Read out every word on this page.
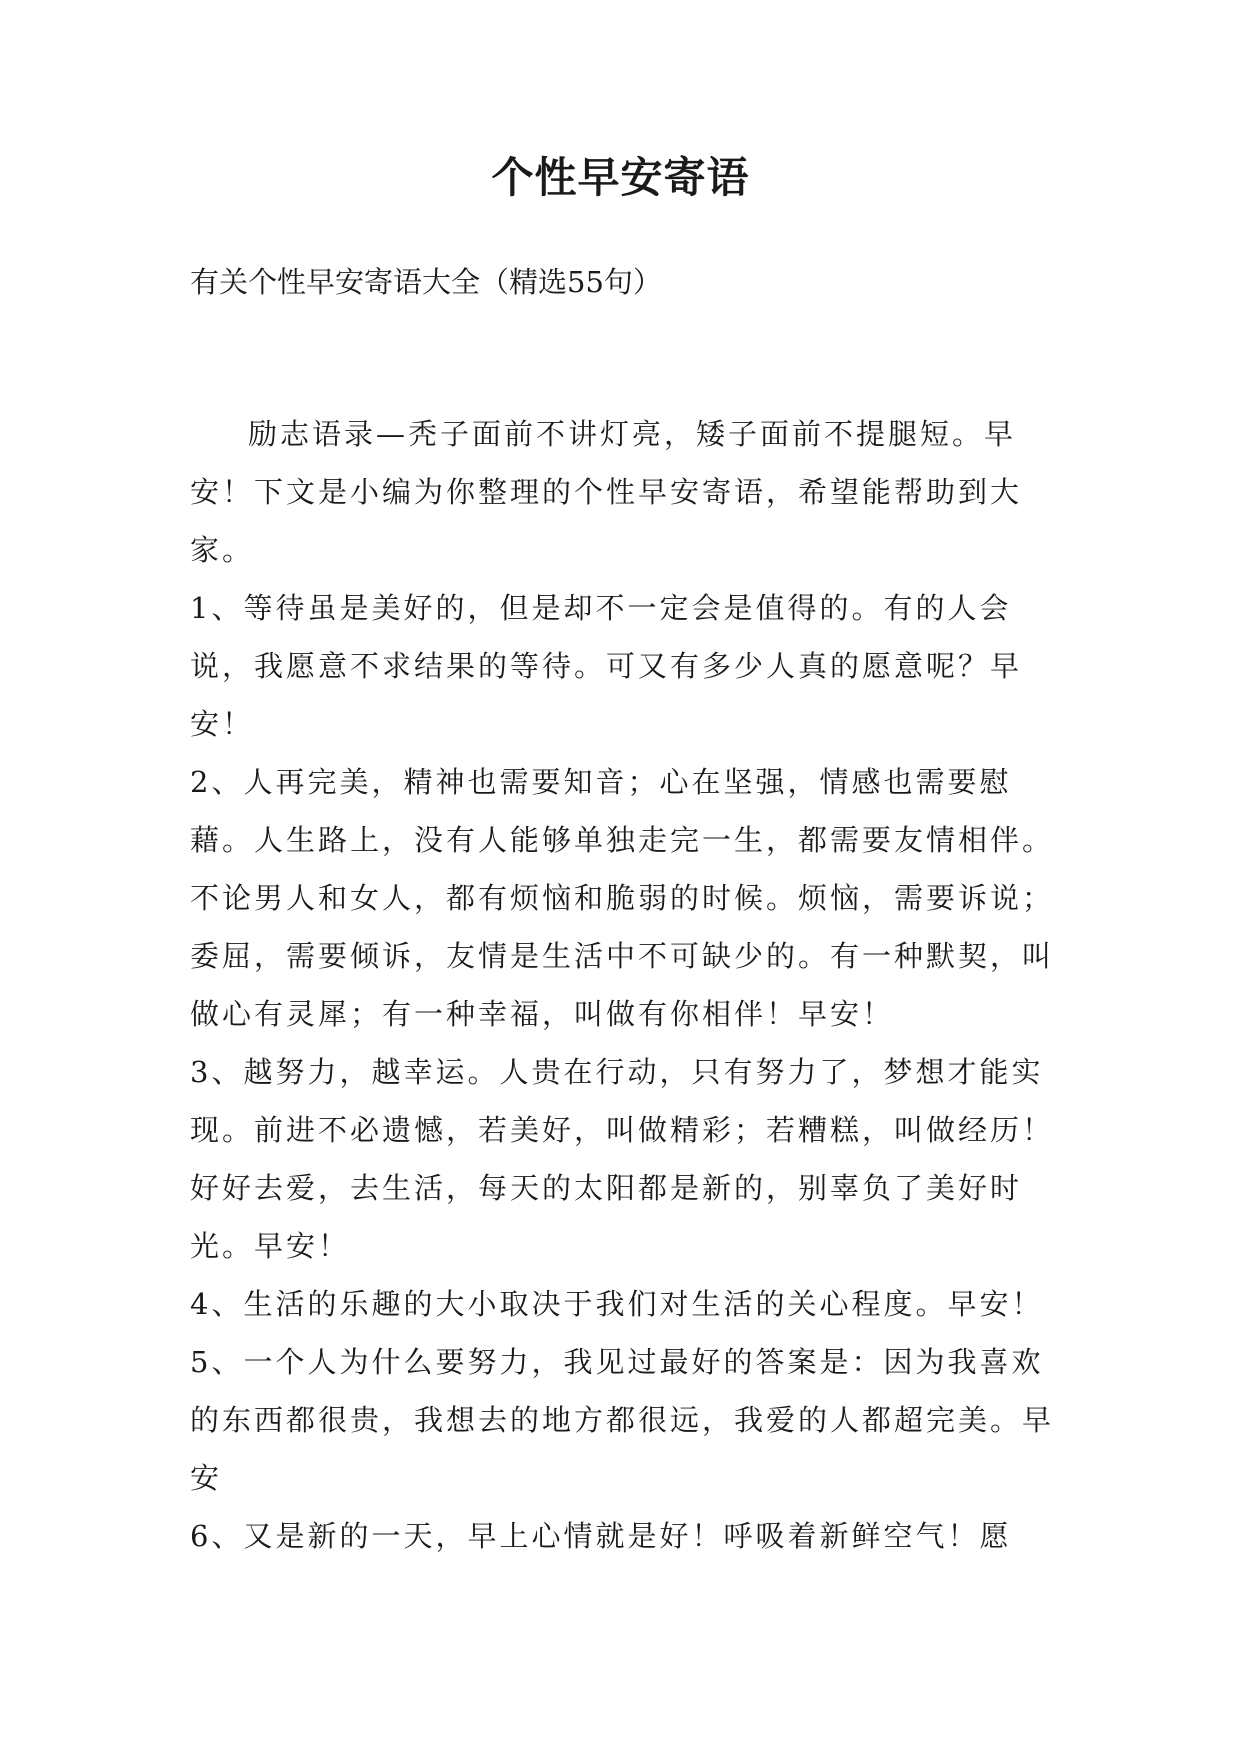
个性早安寄语

有关个性早安寄语大全（精选55句）

励志语录—秃子面前不讲灯亮，矮子面前不提腿短。早安！下文是小编为你整理的个性早安寄语，希望能帮助到大家。

1、等待虽是美好的，但是却不一定会是值得的。有的人会说，我愿意不求结果的等待。可又有多少人真的愿意呢？早安！

2、人再完美，精神也需要知音；心在坚强，情感也需要慰藉。人生路上，没有人能够单独走完一生，都需要友情相伴。不论男人和女人，都有烦恼和脆弱的时候。烦恼，需要诉说；委屈，需要倾诉，友情是生活中不可缺少的。有一种默契，叫做心有灵犀；有一种幸福，叫做有你相伴！早安！

3、越努力，越幸运。人贵在行动，只有努力了，梦想才能实现。前进不必遗憾，若美好，叫做精彩；若糟糕，叫做经历！好好去爱，去生活，每天的太阳都是新的，别辜负了美好时光。早安！

4、生活的乐趣的大小取决于我们对生活的关心程度。早安！

5、一个人为什么要努力，我见过最好的答案是：因为我喜欢的东西都很贵，我想去的地方都很远，我爱的人都超完美。早安

6、又是新的一天，早上心情就是好！呼吸着新鲜空气！愿
